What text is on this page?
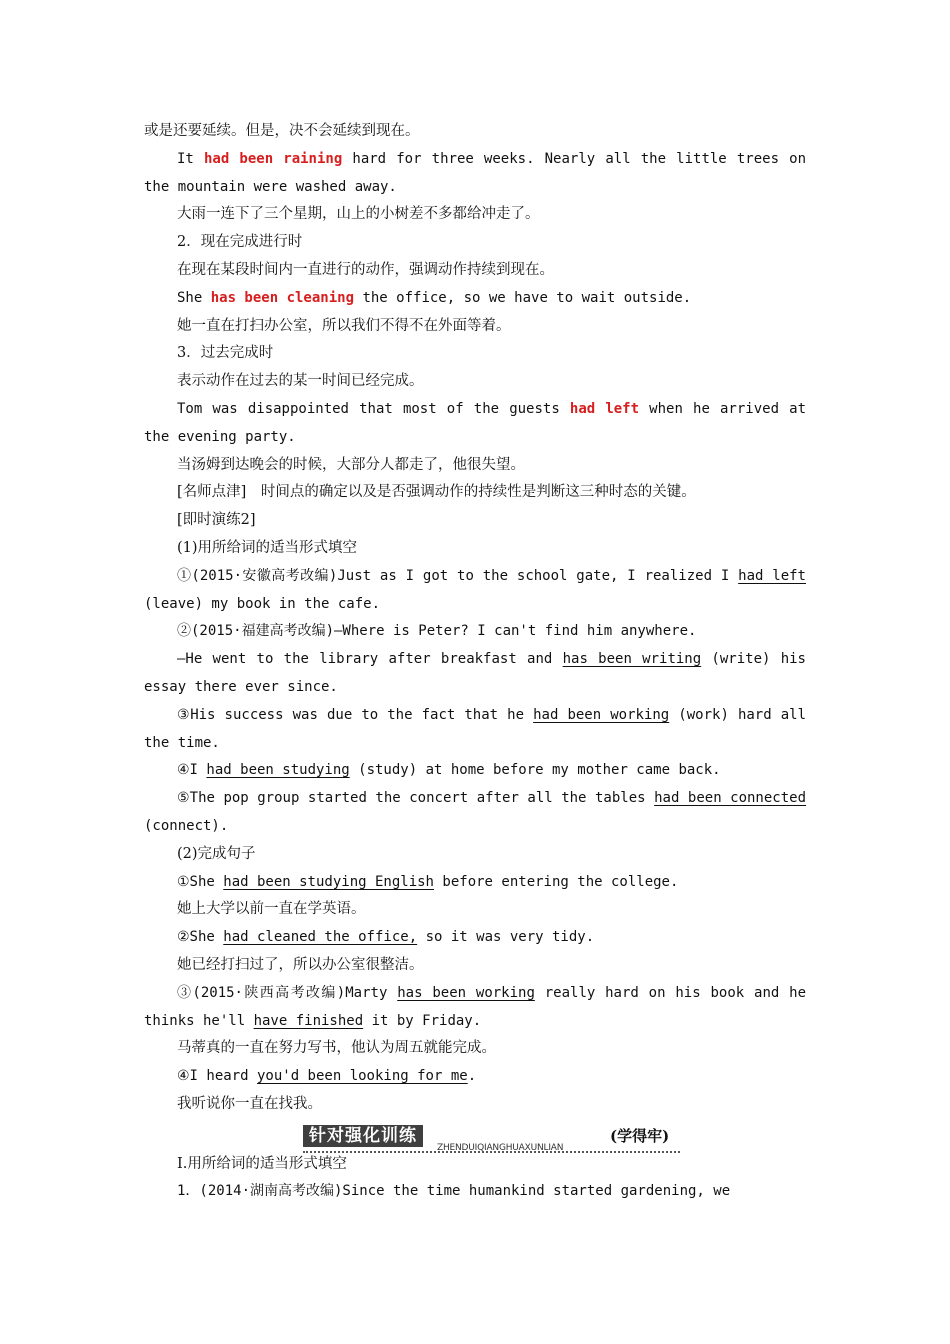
或是还要延续。但是，决不会延续到现在。

It had been raining hard for three weeks. Nearly all the little trees on the mountain were washed away.

大雨一连下了三个星期，山上的小树差不多都给冲走了。

2．现在完成进行时

在现在某段时间内一直进行的动作，强调动作持续到现在。

She has been cleaning the office, so we have to wait outside.

她一直在打扫办公室，所以我们不得不在外面等着。

3．过去完成时

表示动作在过去的某一时间已经完成。

Tom was disappointed that most of the guests had left when he arrived at the evening party.

当汤姆到达晚会的时候，大部分人都走了，他很失望。

[名师点津]　时间点的确定以及是否强调动作的持续性是判断这三种时态的关键。

[即时演练2]

(1)用所给词的适当形式填空

①(2015·安徽高考改编)Just as I got to the school gate, I realized I had left (leave) my book in the cafe.

②(2015·福建高考改编)—Where is Peter? I can't find him anywhere.

—He went to the library after breakfast and has been writing (write) his essay there ever since.

③His success was due to the fact that he had been working (work) hard all the time.

④I had been studying (study) at home before my mother came back.

⑤The pop group started the concert after all the tables had been connected (connect).

(2)完成句子

①She had been studying English before entering the college.

她上大学以前一直在学英语。

②She had cleaned the office, so it was very tidy.

她已经打扫过了，所以办公室很整洁。

③(2015·陕西高考改编)Marty has been working really hard on his book and he thinks he'll have finished it by Friday.

马蒂真的一直在努力写书，他认为周五就能完成。

④I heard you'd been looking for me.

我听说你一直在找我。

针对强化训练
ZHENDUIQIANGHUAXUNLIAN
(学得牢)

Ⅰ.用所给词的适当形式填空

1．(2014·湖南高考改编)Since the time humankind started gardening, we
